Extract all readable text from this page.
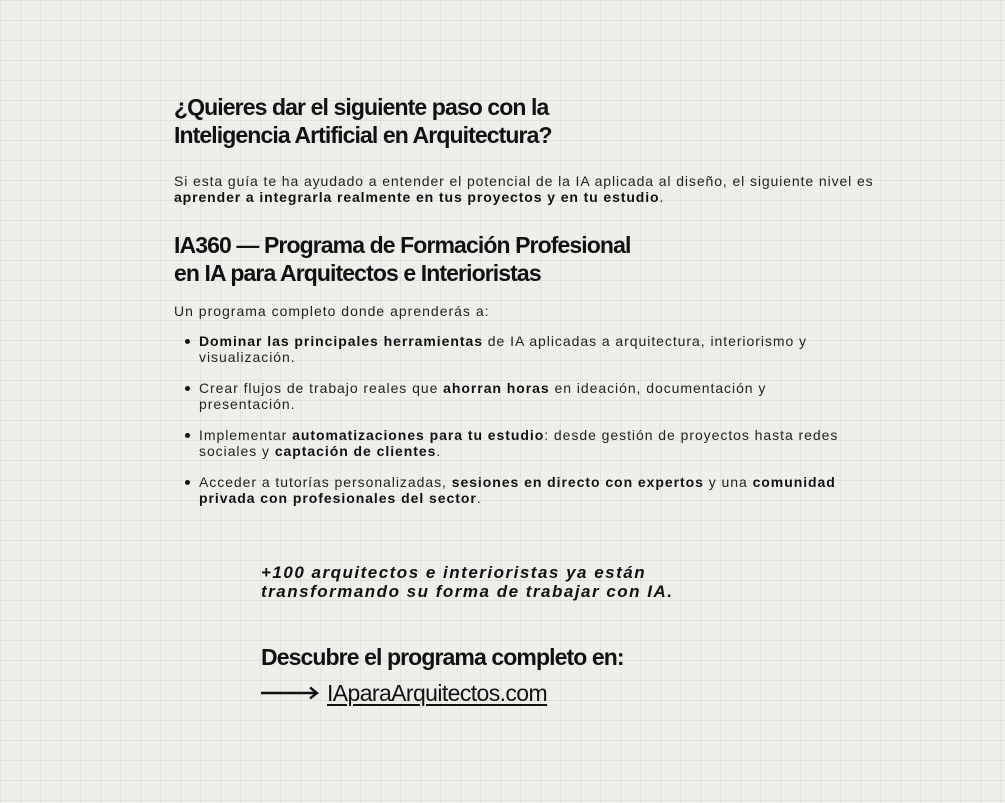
¿Quieres dar el siguiente paso con la
Inteligencia Artificial en Arquitectura?

Si esta guía te ha ayudado a entender el potencial de la IA aplicada al diseño, el siguiente nivel es aprender a integrarla realmente en tus proyectos y en tu estudio.

IA360 — Programa de Formación Profesional
en IA para Arquitectos e Interioristas

Un programa completo donde aprenderás a:

Dominar las principales herramientas de IA aplicadas a arquitectura, interiorismo y visualización.
Crear flujos de trabajo reales que ahorran horas en ideación, documentación y presentación.
Implementar automatizaciones para tu estudio: desde gestión de proyectos hasta redes sociales y captación de clientes.
Acceder a tutorías personalizadas, sesiones en directo con expertos y una comunidad privada con profesionales del sector.

+100 arquitectos e interioristas ya están
transformando su forma de trabajar con IA.

Descubre el programa completo en:
IAparaArquitectos.com
